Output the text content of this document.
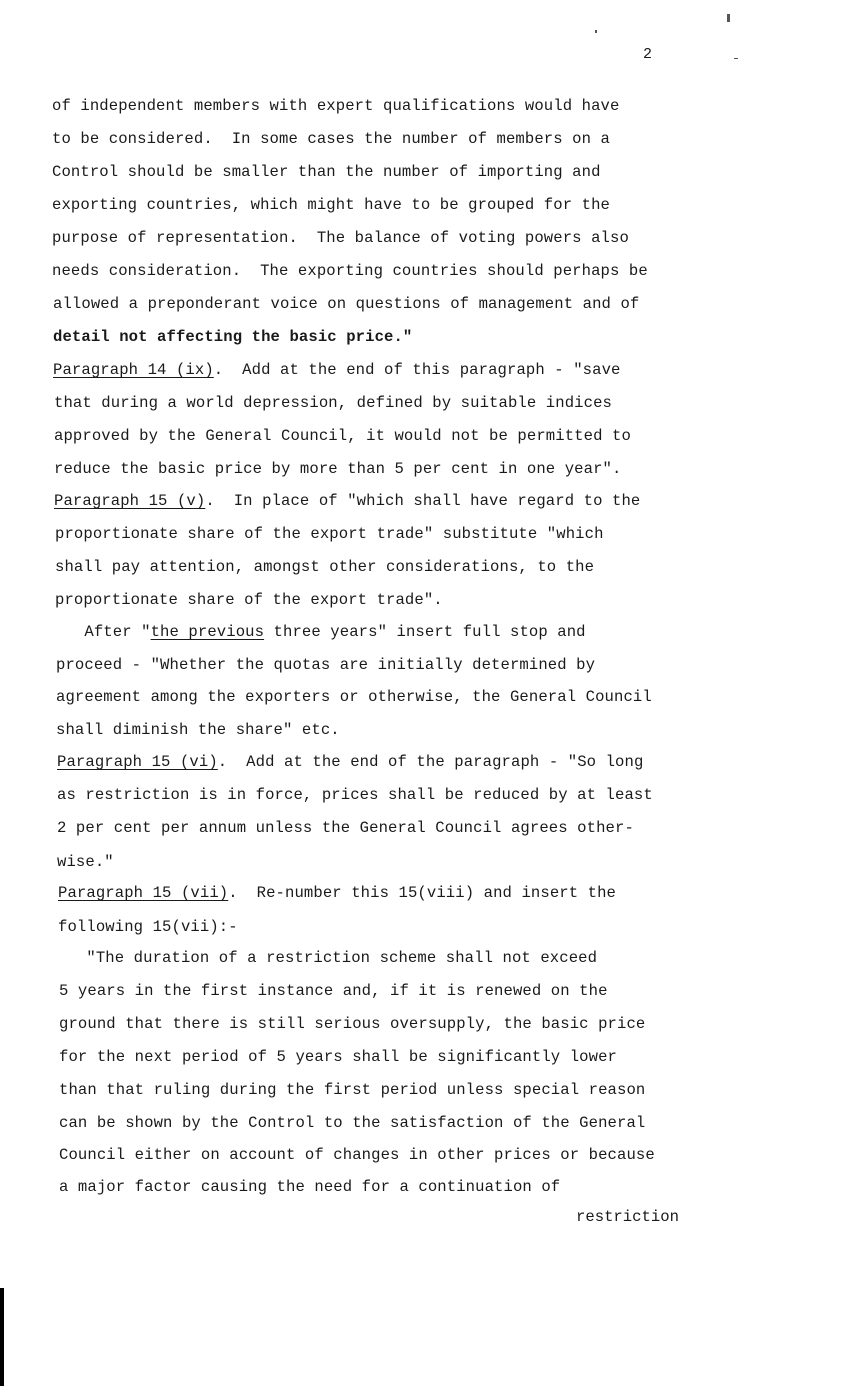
2
of independent members with expert qualifications would have
to be considered.  In some cases the number of members on a
Control should be smaller than the number of importing and
exporting countries, which might have to be grouped for the
purpose of representation.  The balance of voting powers also
needs consideration.  The exporting countries should perhaps be
allowed a preponderant voice on questions of management and of
detail not affecting the basic price."
Paragraph 14 (ix).  Add at the end of this paragraph - "save
that during a world depression, defined by suitable indices
approved by the General Council, it would not be permitted to
reduce the basic price by more than 5 per cent in one year".
Paragraph 15 (v).  In place of "which shall have regard to the
proportionate share of the export trade" substitute "which
shall pay attention, amongst other considerations, to the
proportionate share of the export trade".
After "the previous three years" insert full stop and
proceed - "Whether the quotas are initially determined by
agreement among the exporters or otherwise, the General Council
shall diminish the share" etc.
Paragraph 15 (vi).  Add at the end of the paragraph - "So long
as restriction is in force, prices shall be reduced by at least
2 per cent per annum unless the General Council agrees other-
wise."
Paragraph 15 (vii).  Re-number this 15(viii) and insert the
following 15(vii):-
"The duration of a restriction scheme shall not exceed
5 years in the first instance and, if it is renewed on the
ground that there is still serious oversupply, the basic price
for the next period of 5 years shall be significantly lower
than that ruling during the first period unless special reason
can be shown by the Control to the satisfaction of the General
Council either on account of changes in other prices or because
a major factor causing the need for a continuation of
restriction
